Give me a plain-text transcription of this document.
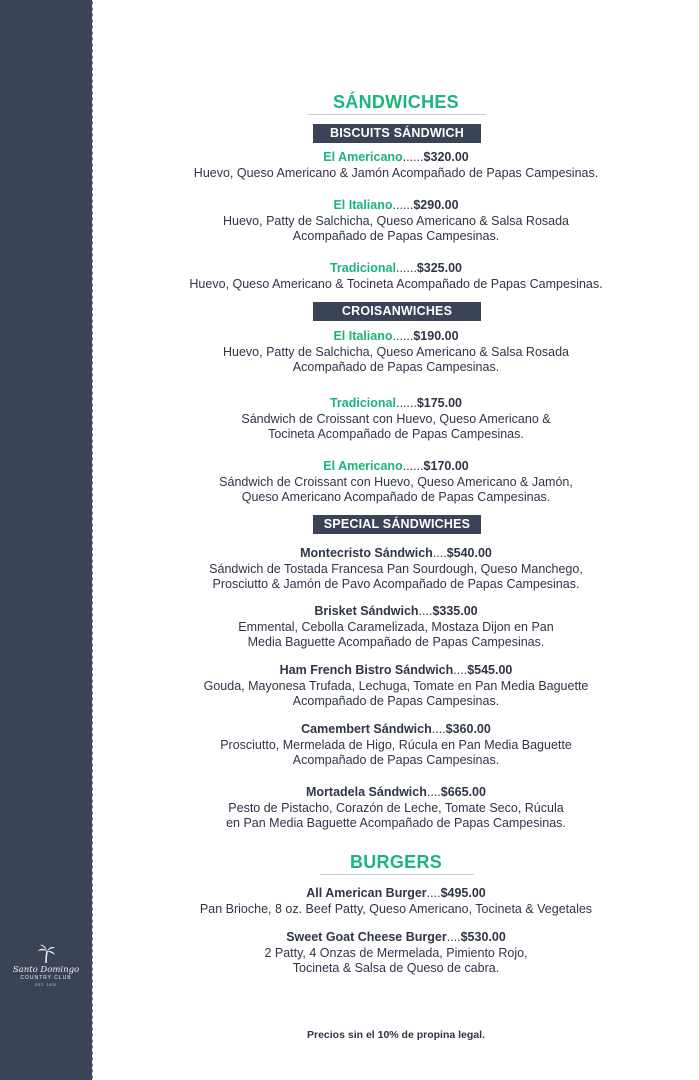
Santo Domingo
COUNTRY CLUB
EST. 1920
SÁNDWICHES
BISCUITS SÁNDWICH
El Americano......$320.00
Huevo, Queso Americano & Jamón Acompañado de Papas Campesinas.
El Italiano......$290.00
Huevo, Patty de Salchicha, Queso Americano & Salsa Rosada
Acompañado de Papas Campesinas.
Tradicional......$325.00
Huevo, Queso Americano & Tocineta Acompañado de Papas Campesinas.
CROISANWICHES
El Italiano......$190.00
Huevo, Patty de Salchicha, Queso Americano & Salsa Rosada
Acompañado de Papas Campesinas.
Tradicional......$175.00
Sándwich de Croissant con Huevo, Queso Americano &
Tocineta Acompañado de Papas Campesinas.
El Americano......$170.00
Sándwich de Croissant con Huevo, Queso Americano & Jamón,
Queso Americano Acompañado de Papas Campesinas.
SPECIAL SÁNDWICHES
Montecristo Sándwich....$540.00
Sándwich de Tostada Francesa Pan Sourdough, Queso Manchego,
Prosciutto & Jamón de Pavo Acompañado de Papas Campesinas.
Brisket Sándwich....$335.00
Emmental, Cebolla Caramelizada, Mostaza Dijon en Pan
Media Baguette Acompañado de Papas Campesinas.
Ham French Bistro Sándwich....$545.00
Gouda, Mayonesa Trufada, Lechuga, Tomate en Pan Media Baguette
Acompañado de Papas Campesinas.
Camembert Sándwich....$360.00
Prosciutto, Mermelada de Higo, Rúcula en Pan Media Baguette
Acompañado de Papas Campesinas.
Mortadela Sándwich....$665.00
Pesto de Pistacho, Corazón de Leche, Tomate Seco, Rúcula
en Pan Media Baguette Acompañado de Papas Campesinas.
BURGERS
All American Burger....$495.00
Pan Brioche, 8 oz. Beef Patty, Queso Americano, Tocineta & Vegetales
Sweet Goat Cheese Burger....$530.00
2 Patty, 4 Onzas de Mermelada, Pimiento Rojo,
Tocineta & Salsa de Queso de cabra.
Precios sin el 10% de propina legal.
